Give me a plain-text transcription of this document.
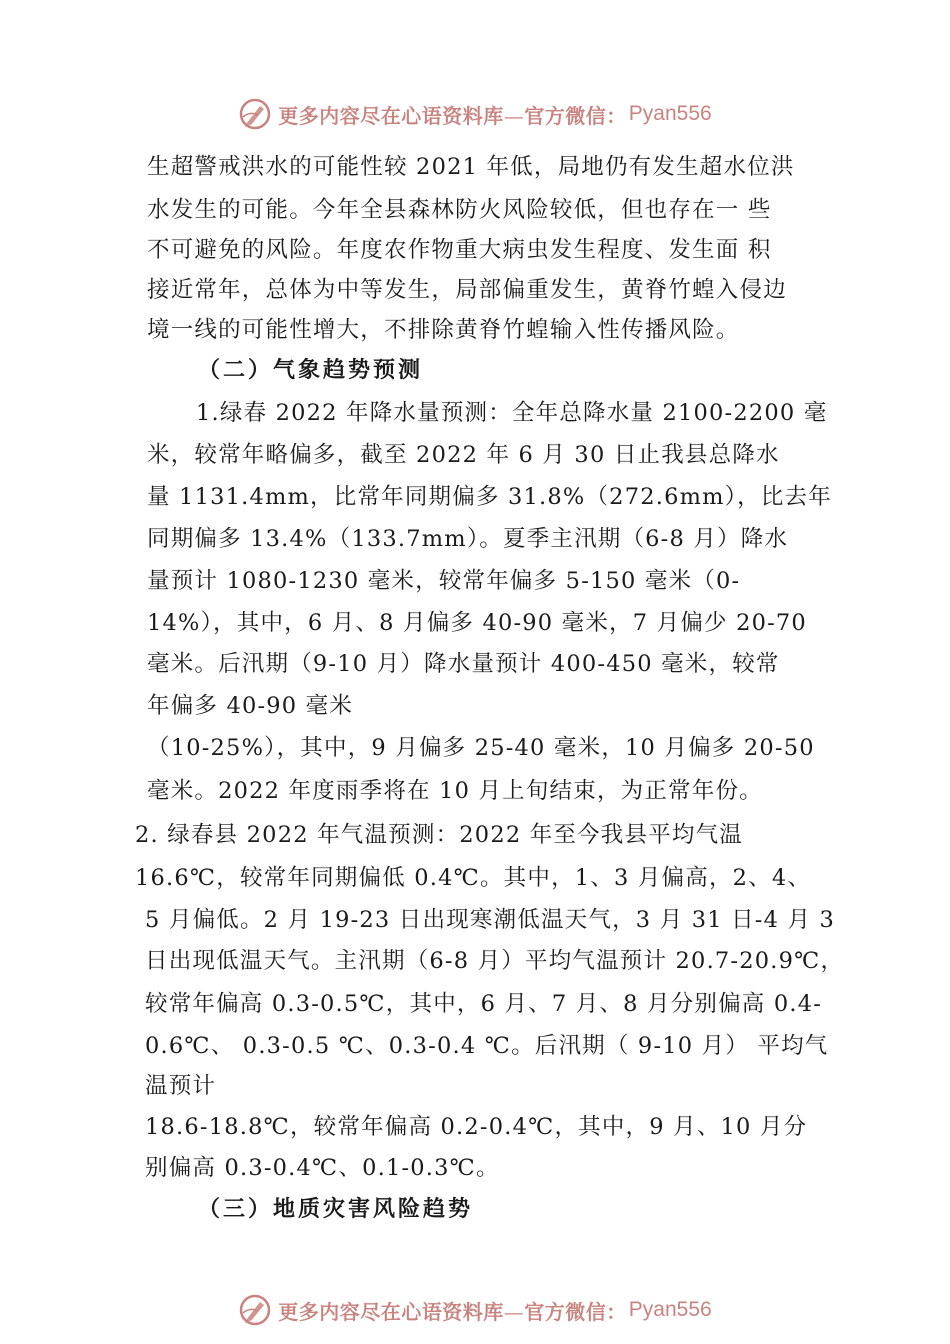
更多内容尽在心语资料库—官方微信： Pyan556
生超警戒洪水的可能性较 2021 年低，局地仍有发生超水位洪
水发生的可能。今年全县森林防火风险较低，但也存在一 些
不可避免的风险。年度农作物重大病虫发生程度、发生面 积
接近常年，总体为中等发生，局部偏重发生，黄脊竹蝗入侵边
境一线的可能性增大，不排除黄脊竹蝗输入性传播风险。
（二）气象趋势预测
1.绿春 2022 年降水量预测：全年总降水量 2100-2200 毫
米，较常年略偏多，截至 2022 年 6 月 30 日止我县总降水
量 1131.4mm，比常年同期偏多 31.8%（272.6mm），比去年
同期偏多 13.4%（133.7mm）。夏季主汛期（6-8 月）降水
量预计 1080-1230 毫米，较常年偏多 5-150 毫米（0-
14%），其中，6 月、8 月偏多 40-90 毫米，7 月偏少 20-70
毫米。后汛期（9-10 月）降水量预计 400-450 毫米，较常
年偏多 40-90 毫米
（10-25%），其中，9 月偏多 25-40 毫米，10 月偏多 20-50
毫米。2022 年度雨季将在 10 月上旬结束，为正常年份。
2. 绿春县 2022 年气温预测：2022 年至今我县平均气温
16.6℃，较常年同期偏低 0.4℃。其中，1、3 月偏高，2、4、
5 月偏低。2 月 19-23 日出现寒潮低温天气，3 月 31 日-4 月 3
日出现低温天气。主汛期（6-8 月）平均气温预计 20.7-20.9℃，
较常年偏高 0.3-0.5℃，其中，6 月、7 月、8 月分别偏高 0.4-
0.6℃、 0.3-0.5 ℃、0.3-0.4 ℃。后汛期（ 9-10 月） 平均气
温预计
18.6-18.8℃，较常年偏高 0.2-0.4℃，其中，9 月、10 月分
别偏高 0.3-0.4℃、0.1-0.3℃。
（三）地质灾害风险趋势
更多内容尽在心语资料库—官方微信： Pyan556
